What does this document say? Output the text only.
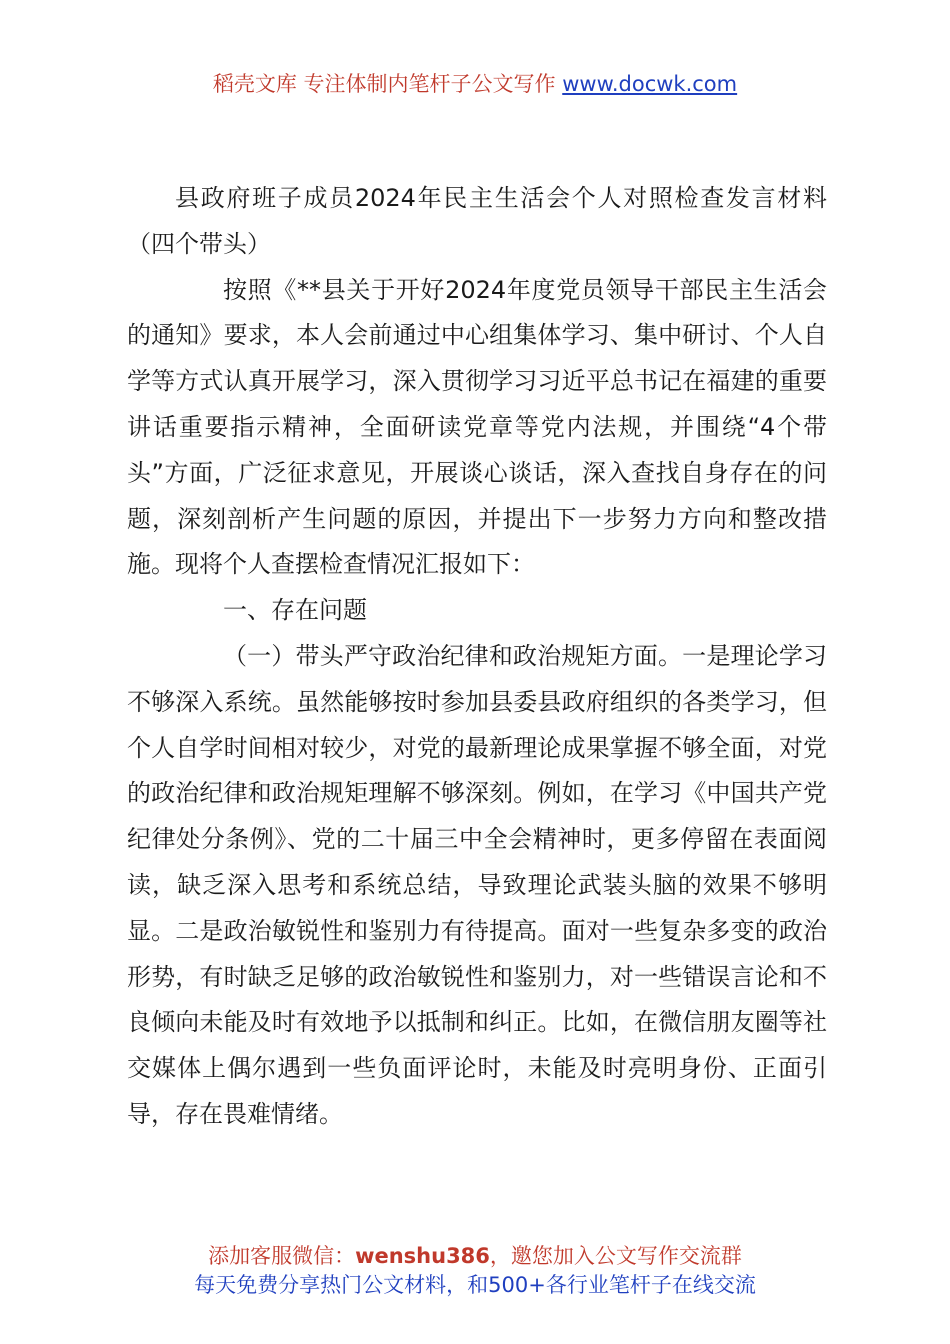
稻壳文库 专注体制内笔杆子公文写作 www.docwk.com

县政府班子成员2024年民主生活会个人对照检查发言材料（四个带头）

按照《**县关于开好2024年度党员领导干部民主生活会的通知》要求，本人会前通过中心组集体学习、集中研讨、个人自学等方式认真开展学习，深入贯彻学习习近平总书记在福建的重要讲话重要指示精神，全面研读党章等党内法规，并围绕“4个带头”方面，广泛征求意见，开展谈心谈话，深入查找自身存在的问题，深刻剖析产生问题的原因，并提出下一步努力方向和整改措施。现将个人查摆检查情况汇报如下：

一、存在问题

（一）带头严守政治纪律和政治规矩方面。一是理论学习不够深入系统。虽然能够按时参加县委县政府组织的各类学习，但个人自学时间相对较少，对党的最新理论成果掌握不够全面，对党的政治纪律和政治规矩理解不够深刻。例如，在学习《中国共产党纪律处分条例》、党的二十届三中全会精神时，更多停留在表面阅读，缺乏深入思考和系统总结，导致理论武装头脑的效果不够明显。二是政治敏锐性和鉴别力有待提高。面对一些复杂多变的政治形势，有时缺乏足够的政治敏锐性和鉴别力，对一些错误言论和不良倾向未能及时有效地予以抵制和纠正。比如，在微信朋友圈等社交媒体上偶尔遇到一些负面评论时，未能及时亮明身份、正面引导，存在畏难情绪。

添加客服微信：wenshu386，邀您加入公文写作交流群
每天免费分享热门公文材料，和500+各行业笔杆子在线交流
